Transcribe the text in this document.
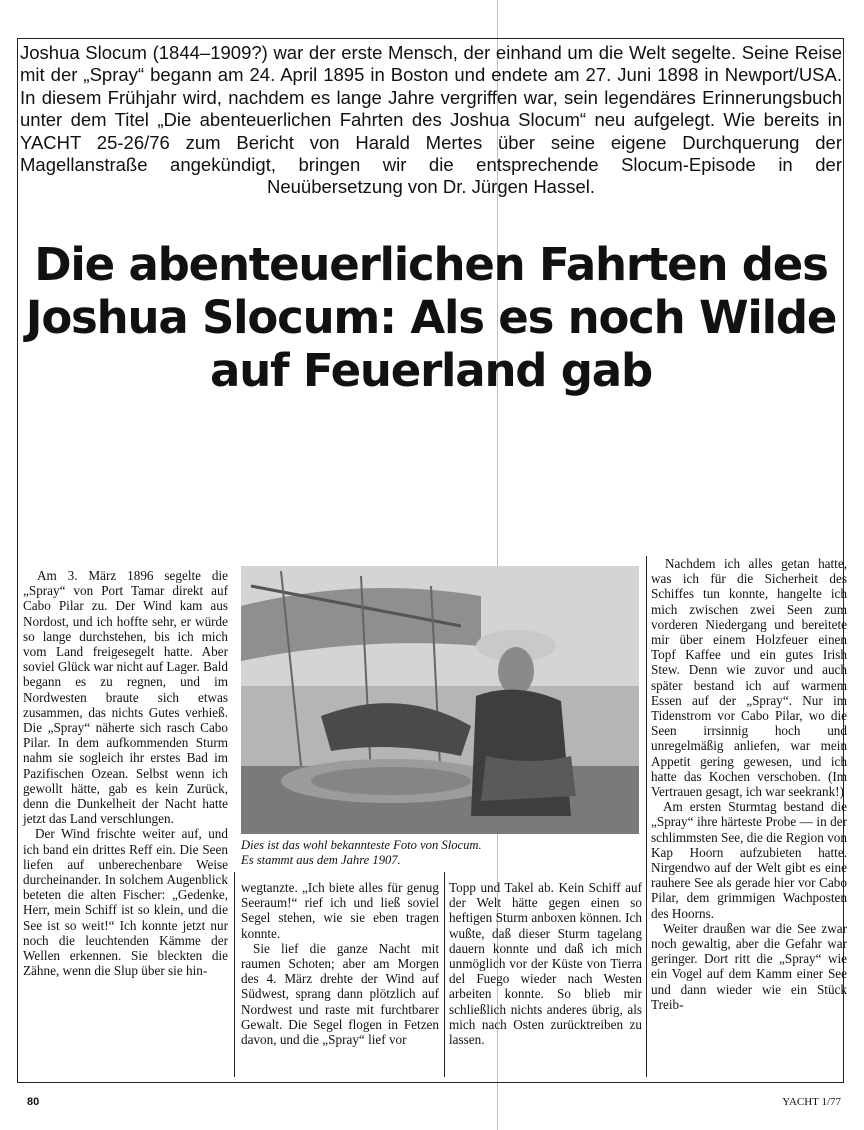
Joshua Slocum (1844–1909?) war der erste Mensch, der einhand um die Welt segelte. Seine Reise mit der „Spray“ begann am 24. April 1895 in Boston und endete am 27. Juni 1898 in Newport/USA. In diesem Frühjahr wird, nachdem es lange Jahre vergriffen war, sein legendäres Erinnerungsbuch unter dem Titel „Die abenteuerlichen Fahrten des Joshua Slocum“ neu aufgelegt. Wie bereits in YACHT 25-26/76 zum Bericht von Harald Mertes über seine eigene Durchquerung der Magellanstraße angekündigt, bringen wir die entsprechende Slocum-Episode in der Neuübersetzung von Dr. Jürgen Hassel.
Die abenteuerlichen Fahrten des Joshua Slocum: Als es noch Wilde auf Feuerland gab

Am 3. März 1896 segelte die „Spray“ von Port Tamar direkt auf Cabo Pilar zu. Der Wind kam aus Nordost, und ich hoffte sehr, er würde so lange durchstehen, bis ich mich vom Land freigesegelt hatte. Aber soviel Glück war nicht auf Lager. Bald begann es zu regnen, und im Nordwesten braute sich etwas zusammen, das nichts Gutes verhieß. Die „Spray“ näherte sich rasch Cabo Pilar. In dem aufkommenden Sturm nahm sie sogleich ihr erstes Bad im Pazifischen Ozean. Selbst wenn ich gewollt hätte, gab es kein Zurück, denn die Dunkelheit der Nacht hatte jetzt das Land verschlungen.

Der Wind frischte weiter auf, und ich band ein drittes Reff ein. Die Seen liefen auf unberechenbare Weise durcheinander. In solchem Augenblick beteten die alten Fischer: „Gedenke, Herr, mein Schiff ist so klein, und die See ist so weit!“ Ich konnte jetzt nur noch die leuchtenden Kämme der Wellen erkennen. Sie bleckten die Zähne, wenn die Slup über sie hin-

Dies ist das wohl bekannteste Foto von Slocum.
Es stammt aus dem Jahre 1907.

wegtanzte. „Ich biete alles für genug Seeraum!“ rief ich und ließ soviel Segel stehen, wie sie eben tragen konnte.

Sie lief die ganze Nacht mit raumen Schoten; aber am Morgen des 4. März drehte der Wind auf Südwest, sprang dann plötzlich auf Nordwest und raste mit furchtbarer Gewalt. Die Segel flogen in Fetzen davon, und die „Spray“ lief vor

Topp und Takel ab. Kein Schiff auf der Welt hätte gegen einen so heftigen Sturm anboxen können. Ich wußte, daß dieser Sturm tagelang dauern konnte und daß ich mich unmöglich vor der Küste von Tierra del Fuego wieder nach Westen arbeiten konnte. So blieb mir schließlich nichts anderes übrig, als mich nach Osten zurücktreiben zu lassen.

Nachdem ich alles getan hatte, was ich für die Sicherheit des Schiffes tun konnte, hangelte ich mich zwischen zwei Seen zum vorderen Niedergang und bereitete mir über einem Holzfeuer einen Topf Kaffee und ein gutes Irish Stew. Denn wie zuvor und auch später bestand ich auf warmem Essen auf der „Spray“. Nur im Tidenstrom vor Cabo Pilar, wo die Seen irrsinnig hoch und unregelmäßig anliefen, war mein Appetit gering gewesen, und ich hatte das Kochen verschoben. (Im Vertrauen gesagt, ich war seekrank!)

Am ersten Sturmtag bestand die „Spray“ ihre härteste Probe — in der schlimmsten See, die die Region von Kap Hoorn aufzubieten hatte. Nirgendwo auf der Welt gibt es eine rauhere See als gerade hier vor Cabo Pilar, dem grimmigen Wachposten des Hoorns.

Weiter draußen war die See zwar noch gewaltig, aber die Gefahr war geringer. Dort ritt die „Spray“ wie ein Vogel auf dem Kamm einer See und dann wieder wie ein Stück Treib-

80	YACHT 1/77
